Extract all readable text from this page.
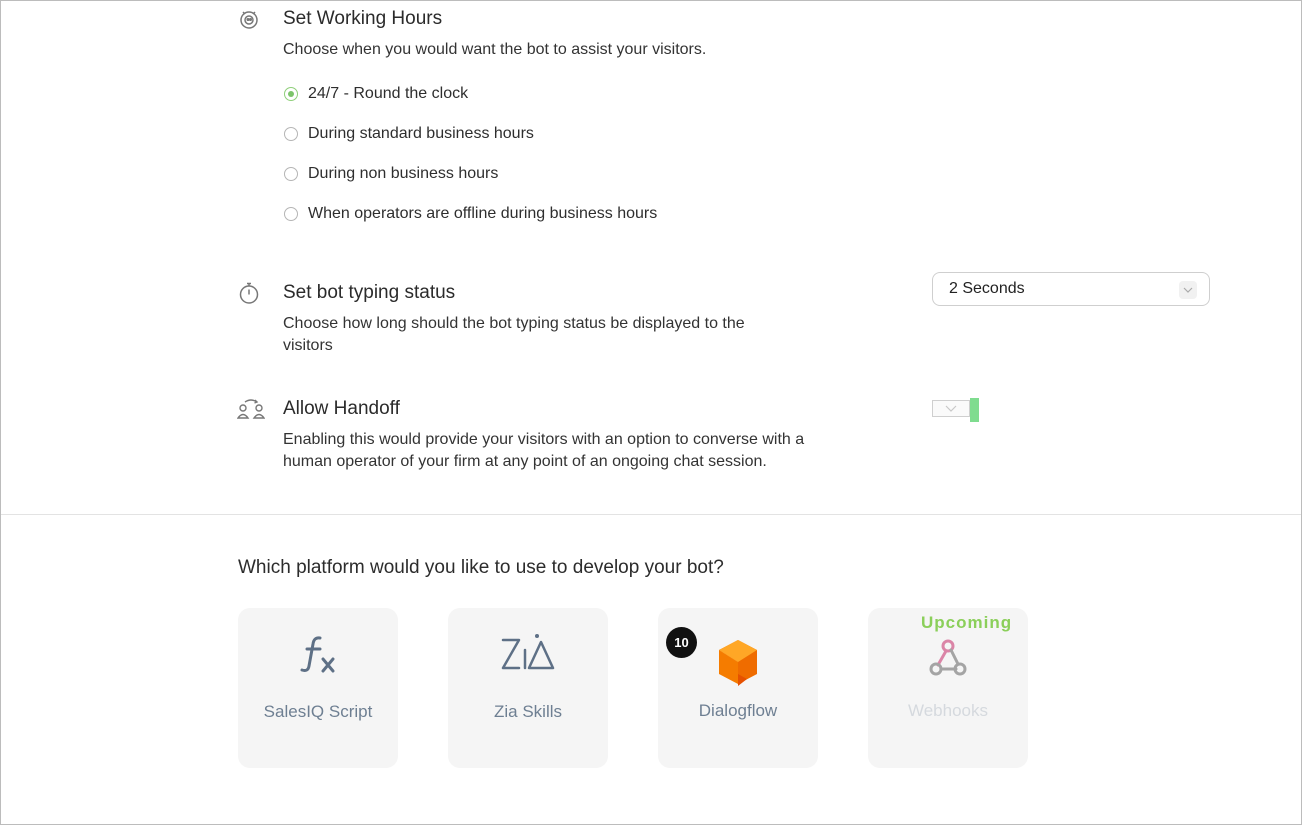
Set Working Hours
Choose when you would want the bot to assist your visitors.
24/7 - Round the clock
During standard business hours
During non business hours
When operators are offline during business hours
Set bot typing status
Choose how long should the bot typing status be displayed to the
visitors
2 Seconds
Allow Handoff
Enabling this would provide your visitors with an option to converse with a
human operator of your firm at any point of an ongoing chat session.
Which platform would you like to use to develop your bot?
SalesIQ Script	Zia Skills	Dialogflow
10
Webhooks
Upcoming
